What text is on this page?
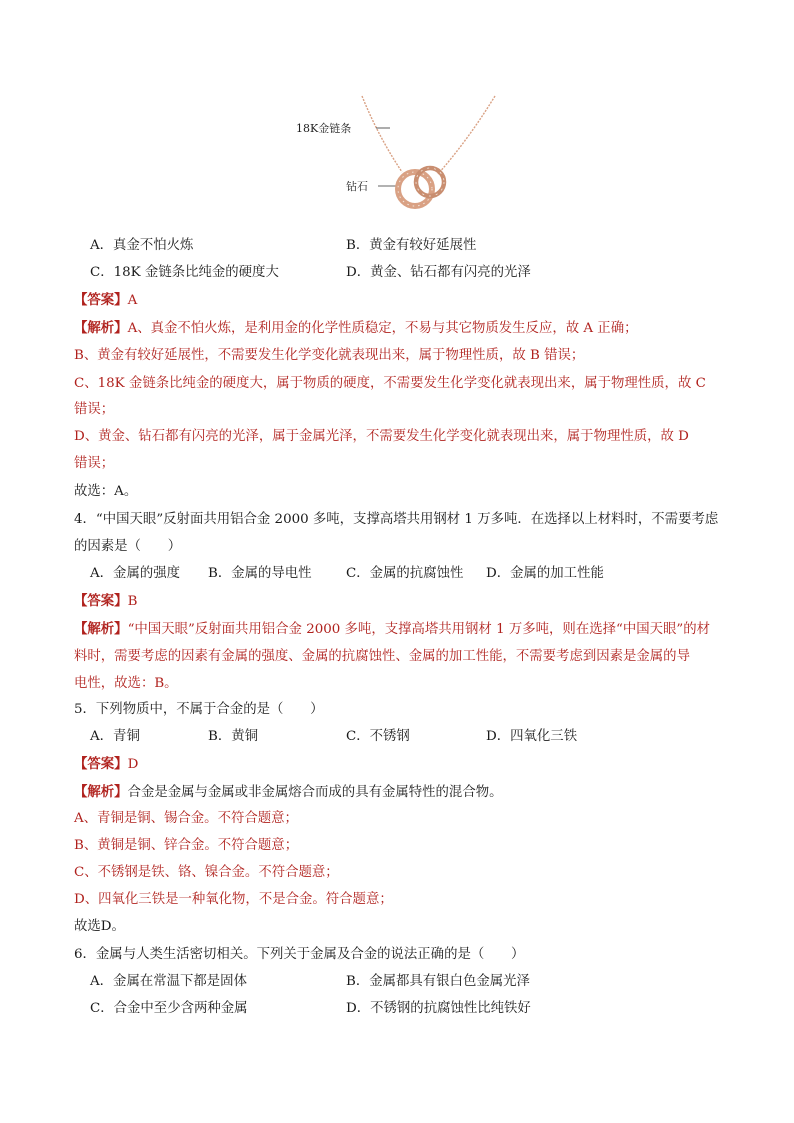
18K金链条
钻石
A．真金不怕火炼	B．黄金有较好延展性
C．18K 金链条比纯金的硬度大	D．黄金、钻石都有闪亮的光泽
【答案】A
【解析】A、真金不怕火炼，是利用金的化学性质稳定，不易与其它物质发生反应，故 A 正确；
B、黄金有较好延展性，不需要发生化学变化就表现出来，属于物理性质，故 B 错误；
C、18K 金链条比纯金的硬度大，属于物质的硬度，不需要发生化学变化就表现出来，属于物理性质，故 C
错误；
D、黄金、钻石都有闪亮的光泽，属于金属光泽，不需要发生化学变化就表现出来，属于物理性质，故 D
错误；
故选：A。
4．“中国天眼”反射面共用铝合金 2000 多吨，支撑高塔共用钢材 1 万多吨．在选择以上材料时，不需要考虑
的因素是（　　）
A．金属的强度 B．金属的导电性	C．金属的抗腐蚀性 D．金属的加工性能
【答案】B
【解析】“中国天眼”反射面共用铝合金 2000 多吨，支撑高塔共用钢材 1 万多吨，则在选择“中国天眼”的材
料时，需要考虑的因素有金属的强度、金属的抗腐蚀性、金属的加工性能，不需要考虑到因素是金属的导
电性，故选：B。
5．下列物质中，不属于合金的是（　　）
A．青铜	B．黄铜	C．不锈钢	D．四氧化三铁
【答案】D
【解析】合金是金属与金属或非金属熔合而成的具有金属特性的混合物。
A、青铜是铜、锡合金。不符合题意；
B、黄铜是铜、锌合金。不符合题意；
C、不锈钢是铁、铬、镍合金。不符合题意；
D、四氧化三铁是一种氧化物，不是合金。符合题意；
故选D。
6．金属与人类生活密切相关。下列关于金属及合金的说法正确的是（　　）
A．金属在常温下都是固体	B．金属都具有银白色金属光泽
C．合金中至少含两种金属	D．不锈钢的抗腐蚀性比纯铁好
